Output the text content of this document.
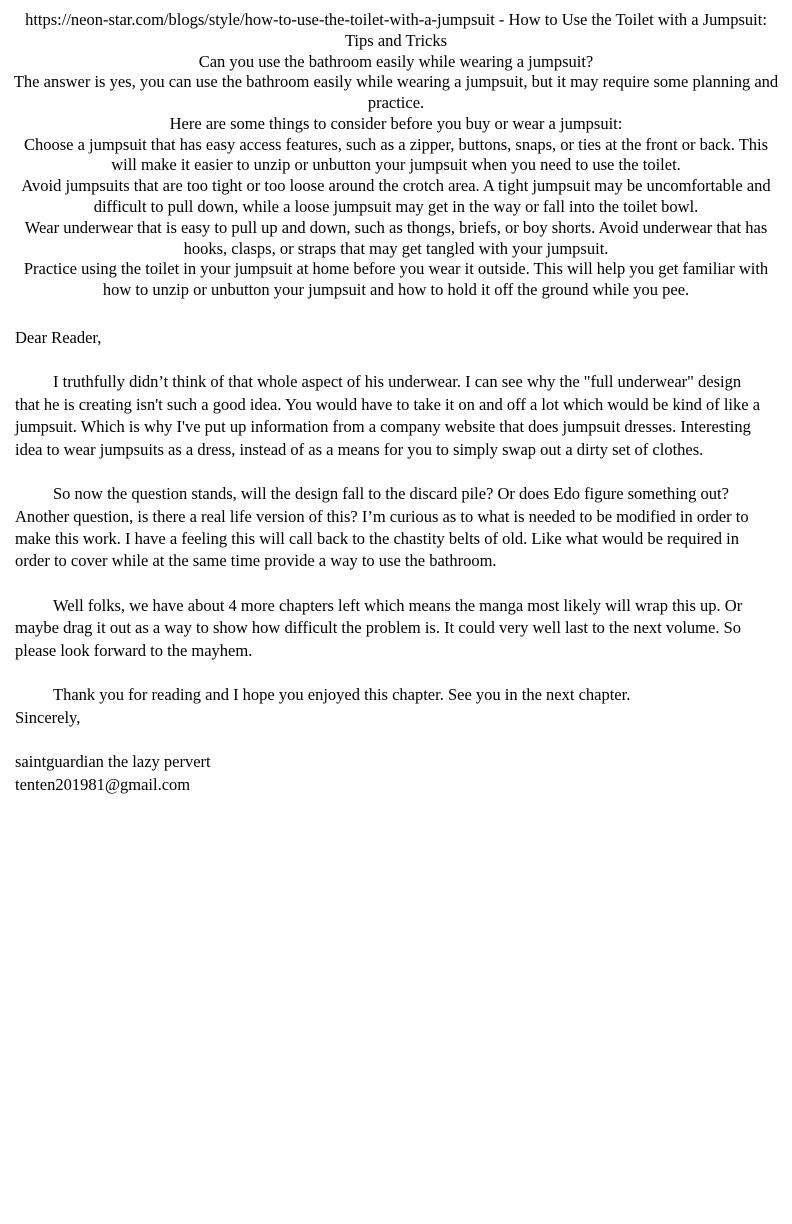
https://neon-star.com/blogs/style/how-to-use-the-toilet-with-a-jumpsuit - How to Use the Toilet with a Jumpsuit: Tips and Tricks

Can you use the bathroom easily while wearing a jumpsuit?

The answer is yes, you can use the bathroom easily while wearing a jumpsuit, but it may require some planning and practice.

Here are some things to consider before you buy or wear a jumpsuit:

Choose a jumpsuit that has easy access features, such as a zipper, buttons, snaps, or ties at the front or back. This will make it easier to unzip or unbutton your jumpsuit when you need to use the toilet.

Avoid jumpsuits that are too tight or too loose around the crotch area. A tight jumpsuit may be uncomfortable and difficult to pull down, while a loose jumpsuit may get in the way or fall into the toilet bowl.

Wear underwear that is easy to pull up and down, such as thongs, briefs, or boy shorts. Avoid underwear that has hooks, clasps, or straps that may get tangled with your jumpsuit.

Practice using the toilet in your jumpsuit at home before you wear it outside. This will help you get familiar with how to unzip or unbutton your jumpsuit and how to hold it off the ground while you pee.

Dear Reader,

I truthfully didn’t think of that whole aspect of his underwear. I can see why the "full underwear" design that he is creating isn't such a good idea. You would have to take it on and off a lot which would be kind of like a jumpsuit. Which is why I've put up information from a company website that does jumpsuit dresses. Interesting idea to wear jumpsuits as a dress, instead of as a means for you to simply swap out a dirty set of clothes.

So now the question stands, will the design fall to the discard pile? Or does Edo figure something out? Another question, is there a real life version of this? I’m curious as to what is needed to be modified in order to make this work. I have a feeling this will call back to the chastity belts of old. Like what would be required in order to cover while at the same time provide a way to use the bathroom.

Well folks, we have about 4 more chapters left which means the manga most likely will wrap this up. Or maybe drag it out as a way to show how difficult the problem is. It could very well last to the next volume. So please look forward to the mayhem.

Thank you for reading and I hope you enjoyed this chapter. See you in the next chapter.

Sincerely,

saintguardian the lazy pervert
tenten201981@gmail.com
